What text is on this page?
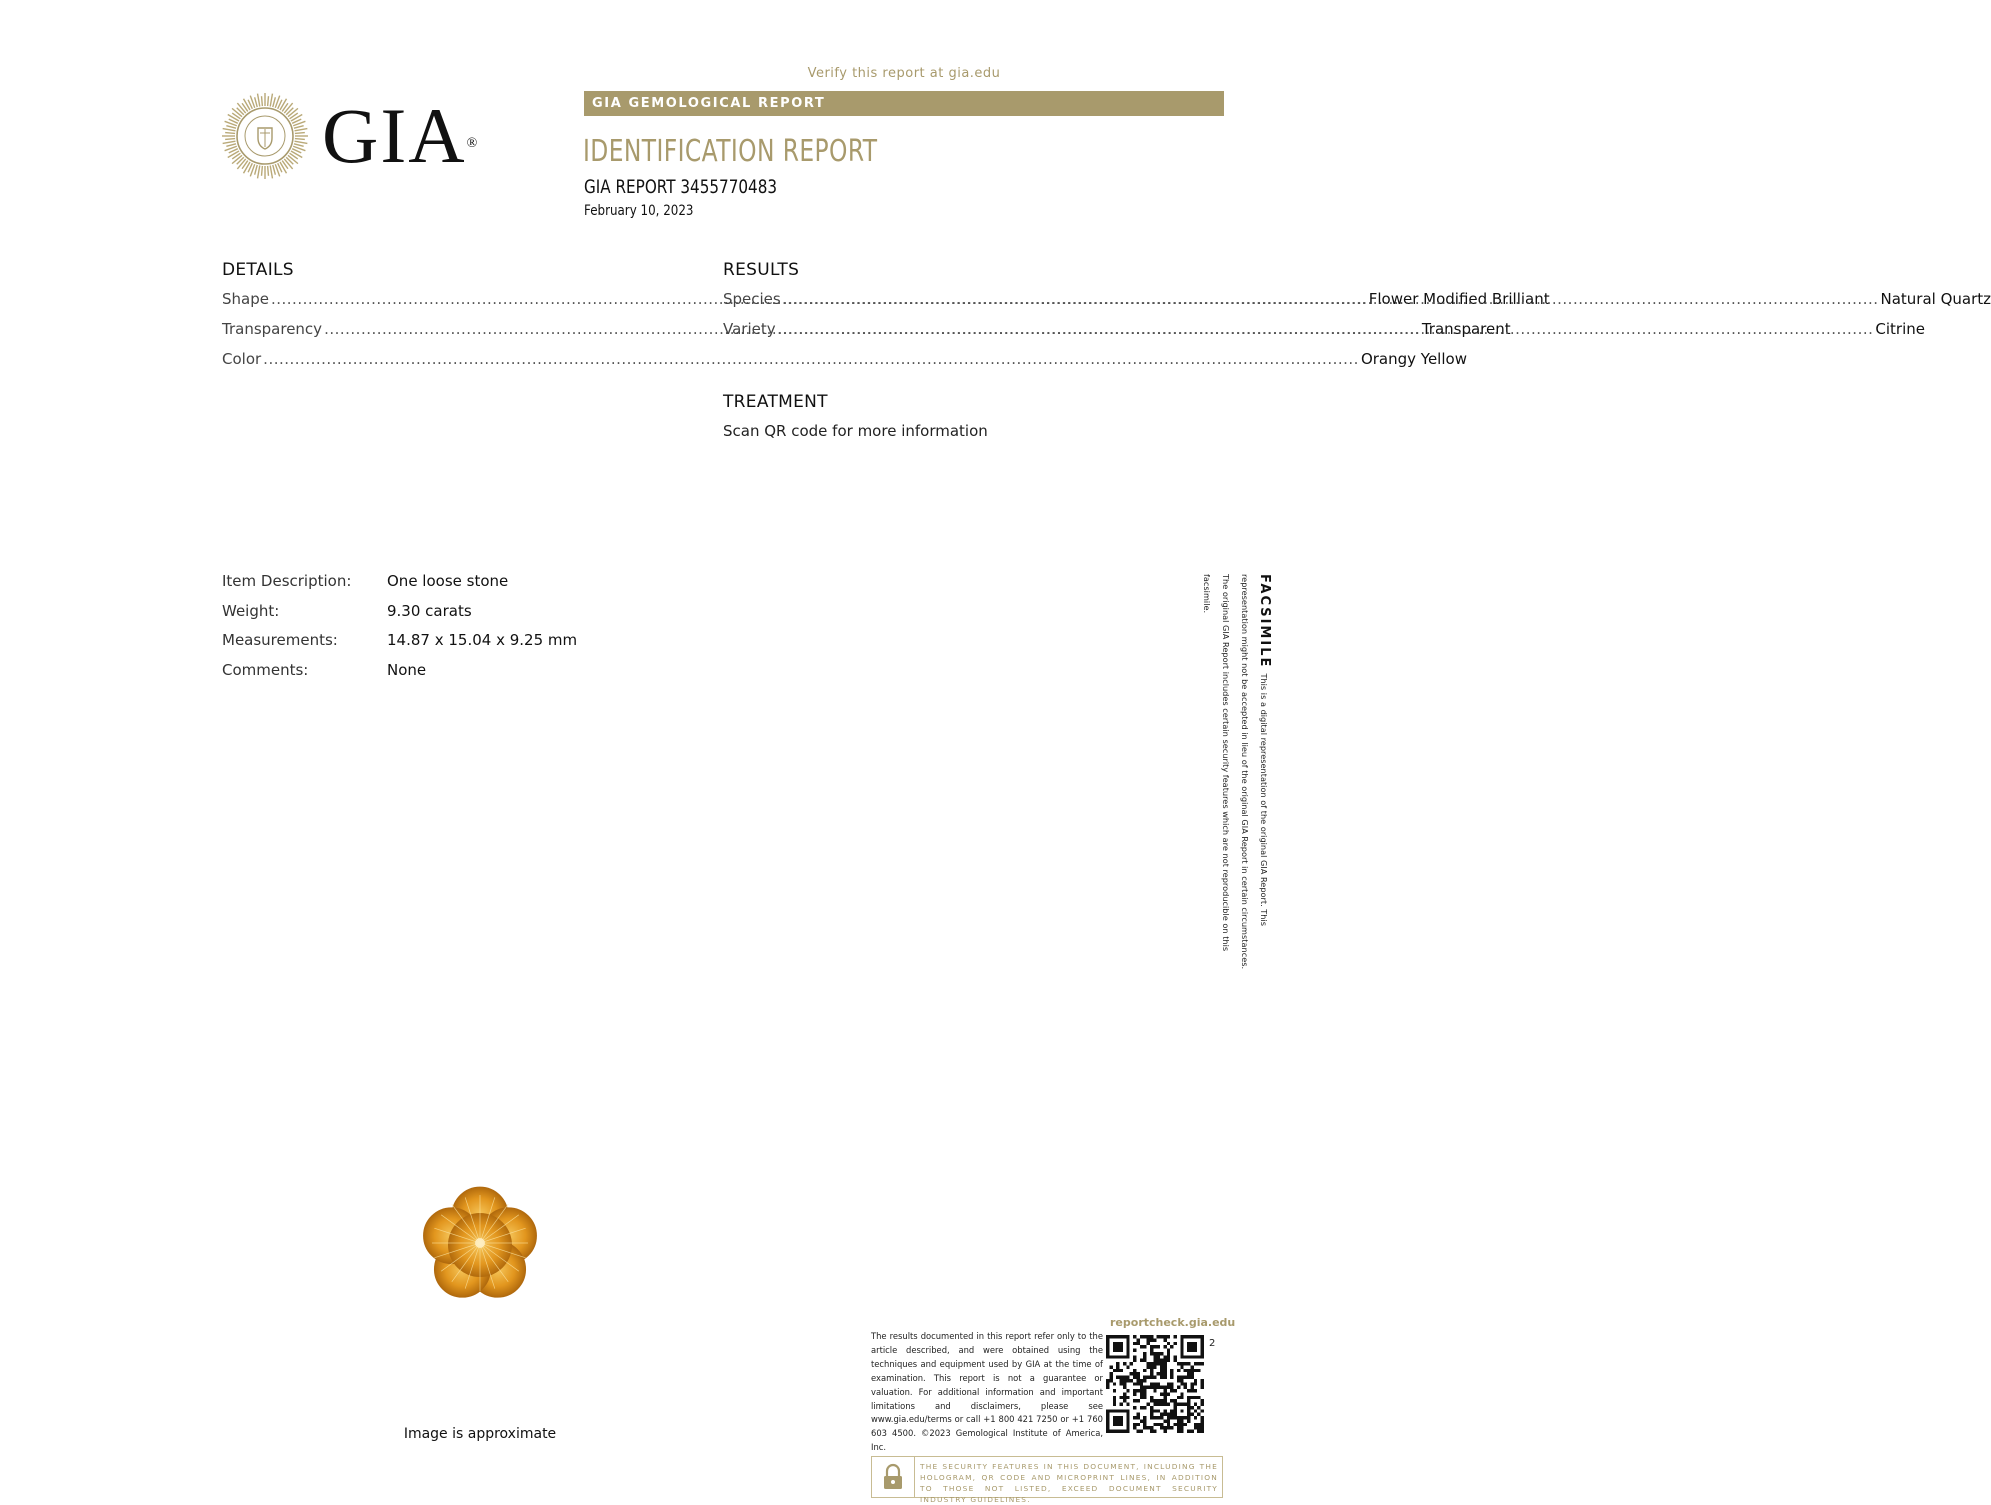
GIA®
Verify this report at gia.edu
GIA GEMOLOGICAL REPORT
IDENTIFICATION REPORT
GIA REPORT 3455770483
February 10, 2023
DETAILS
Shape .....	Flower Modified Brilliant
Transparency .....	Transparent
Color .....	Orangy Yellow
RESULTS
Species .....	Natural Quartz
Variety .....	Citrine
TREATMENT
Scan QR code for more information
Item Description:	One loose stone
Weight:	9.30 carats
Measurements:	14.87 x 15.04 x 9.25 mm
Comments:	None
FACSIMILE This is a digital representation of the original GIA Report. This representation might not be accepted in lieu of the original GIA Report in certain circumstances. The original GIA Report includes certain security features which are not reproducible on this facsimile.
Image is approximate
reportcheck.gia.edu
The results documented in this report refer only to the article described, and were obtained using the techniques and equipment used by GIA at the time of examination. This report is not a guarantee or valuation. For additional information and important limitations and disclaimers, please see www.gia.edu/terms or call +1 800 421 7250 or +1 760 603 4500. ©2023 Gemological Institute of America, Inc.
2
THE SECURITY FEATURES IN THIS DOCUMENT, INCLUDING THE HOLOGRAM, QR CODE AND MICROPRINT LINES, IN ADDITION TO THOSE NOT LISTED, EXCEED DOCUMENT SECURITY INDUSTRY GUIDELINES.
